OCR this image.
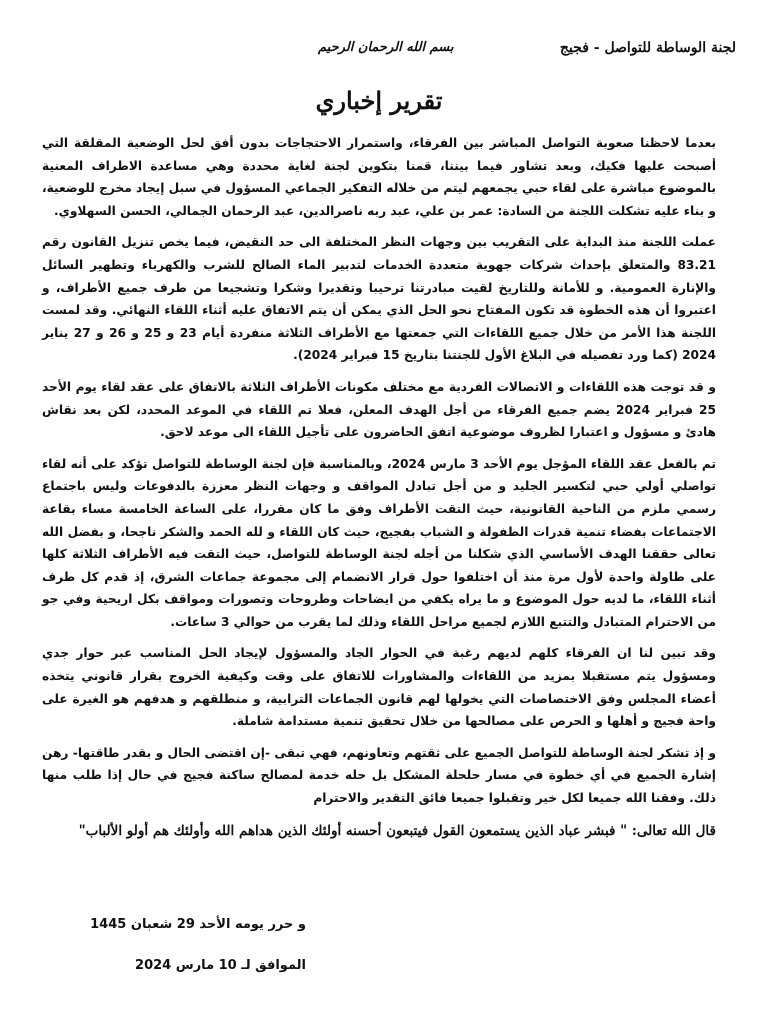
لجنة الوساطة للتواصل - فجيج
بسم الله الرحمان الرحيم
تقرير إخباري

بعدما لاحظنا صعوبة التواصل المباشر بين الفرقاء، واستمرار الاحتجاجات بدون أفق لحل الوضعية المقلقة التي أصبحت عليها فكيك، وبعد تشاور فيما بيننا، قمنا بتكوين لجنة لغاية محددة وهي مساعدة الاطراف المعنية بالموضوع مباشرة على لقاء حبي يجمعهم ليتم من خلاله التفكير الجماعي المسؤول في سبل إيجاد مخرج للوضعية، و بناء عليه تشكلت اللجنة من السادة: عمر بن علي، عبد ربه ناصرالدين، عبد الرحمان الجمالي، الحسن السهلاوي.

عملت اللجنة منذ البداية على التقريب بين وجهات النظر المختلفة الى حد النقيض، فيما يخص تنزيل القانون رقم 83.21 والمتعلق بإحداث شركات جهوية متعددة الخدمات لتدبير الماء الصالح للشرب والكهرباء وتطهير السائل والإنارة العمومية. و للأمانة وللتاريخ لقيت مبادرتنا ترحيبا وتقديرا وشكرا وتشجيعا من طرف جميع الأطراف، و اعتبروا أن هذه الخطوة قد تكون المفتاح نحو الحل الذي يمكن أن يتم الاتفاق عليه أثناء اللقاء النهائي. وقد لمست اللجنة هذا الأمر من خلال جميع اللقاءات التي جمعتها مع الأطراف الثلاثة منفردة أيام 23 و 25 و 26 و 27 يناير 2024 (كما ورد تفصيله في البلاغ الأول للجنتنا بتاريخ 15 فبراير 2024).

و قد توجت هذه اللقاءات و الاتصالات الفردية مع مختلف مكونات الأطراف الثلاثة بالاتفاق على عقد لقاء يوم الأحد 25 فبراير 2024 يضم جميع الفرقاء من أجل الهدف المعلن، فعلا تم اللقاء في الموعد المحدد، لكن بعد نقاش هادئ و مسؤول و اعتبارا لظروف موضوعية اتفق الحاضرون على تأجيل اللقاء الى موعد لاحق.

تم بالفعل عقد اللقاء المؤجل يوم الأحد 3 مارس 2024، وبالمناسبة فإن لجنة الوساطة للتواصل تؤكد على أنه لقاء تواصلي أولي حبي لتكسير الجليد و من أجل تبادل المواقف و وجهات النظر معززة بالدفوعات وليس باجتماع رسمي ملزم من الناحية القانونية، حيث التقت الأطراف وفق ما كان مقررا، على الساعة الخامسة مساء بقاعة الاجتماعات بفضاء تنمية قدرات الطفولة و الشباب بفجيج، حيث كان اللقاء و لله الحمد والشكر ناجحا، و بفضل الله تعالى حققنا الهدف الأساسي الذي شكلنا من أجله لجنة الوساطة للتواصل، حيث التقت فيه الأطراف الثلاثة كلها على طاولة واحدة لأول مرة منذ أن اختلفوا حول قرار الانضمام إلى مجموعة جماعات الشرق، إذ قدم كل طرف أثناء اللقاء، ما لديه حول الموضوع و ما يراه يكفي من ايضاحات وطروحات وتصورات ومواقف بكل اريحية وفي جو من الاحترام المتبادل والتتبع اللازم لجميع مراحل اللقاء وذلك لما يقرب من حوالي 3 ساعات.

وقد تبين لنا ان الفرقاء كلهم لديهم رغبة في الحوار الجاد والمسؤول لإيجاد الحل المناسب عبر حوار جدي ومسؤول يتم مستقبلا بمزيد من اللقاءات والمشاورات للاتفاق على وقت وكيفية الخروج بقرار قانوني يتخذه أعضاء المجلس وفق الاختصاصات التي يخولها لهم قانون الجماعات الترابية، و منطلقهم و هدفهم هو الغيرة على واحة فجيج و أهلها و الحرص على مصالحها من خلال تحقيق تنمية مستدامة شاملة.

و إذ تشكر لجنة الوساطة للتواصل الجميع على ثقتهم وتعاونهم، فهي تبقى -إن اقتضى الحال و بقدر طاقتها- رهن إشارة الجميع في أي خطوة في مسار حلحلة المشكل بل حله خدمة لمصالح ساكنة فجيج في حال إذا طلب منها ذلك. وفقنا الله جميعا لكل خير وتقبلوا جميعا فائق التقدير والاحترام

قال الله تعالى: " فبشر عباد الذين يستمعون القول فيتبعون أحسنه أولئك الذين هداهم الله وأولئك هم أولو الألباب"

و حرر يومه الأحد 29 شعبان 1445
الموافق لـ 10 مارس 2024
